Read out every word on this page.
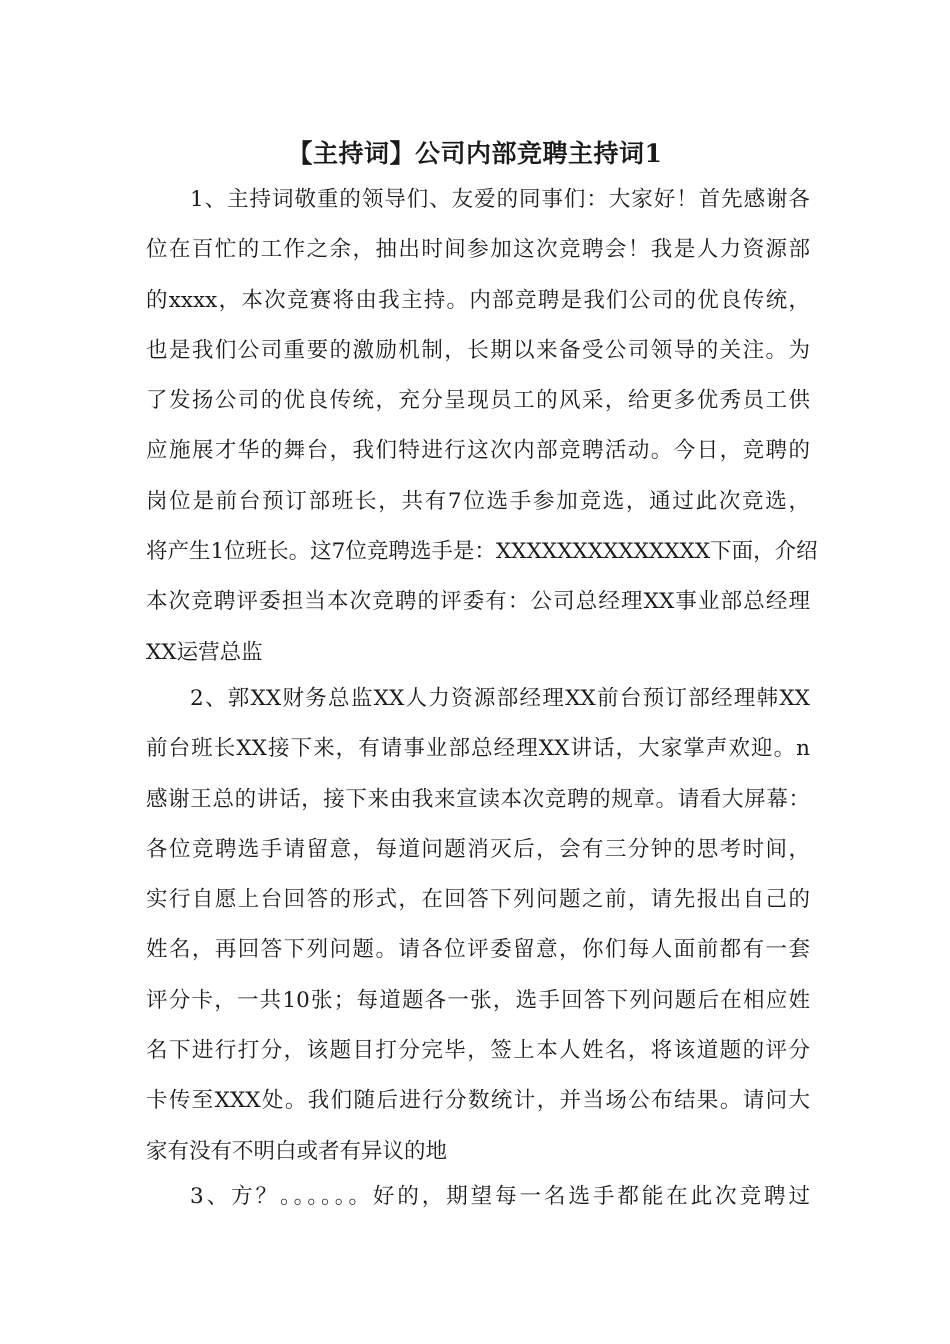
【主持词】公司内部竞聘主持词1
1、主持词敬重的领导们、友爱的同事们：大家好！首先感谢各
位在百忙的工作之余，抽出时间参加这次竞聘会！我是人力资源部
的xxxx，本次竞赛将由我主持。内部竞聘是我们公司的优良传统，
也是我们公司重要的激励机制，长期以来备受公司领导的关注。为
了发扬公司的优良传统，充分呈现员工的风采，给更多优秀员工供
应施展才华的舞台，我们特进行这次内部竞聘活动。今日，竞聘的
岗位是前台预订部班长，共有7位选手参加竞选，通过此次竞选，
将产生1位班长。这7位竞聘选手是：XXXXXXXXXXXXXX下面，介绍
本次竞聘评委担当本次竞聘的评委有：公司总经理XX事业部总经理
XX运营总监
2、郭XX财务总监XX人力资源部经理XX前台预订部经理韩XX
前台班长XX接下来，有请事业部总经理XX讲话，大家掌声欢迎。n
感谢王总的讲话，接下来由我来宣读本次竞聘的规章。请看大屏幕：
各位竞聘选手请留意，每道问题消灭后，会有三分钟的思考时间，
实行自愿上台回答的形式，在回答下列问题之前，请先报出自己的
姓名，再回答下列问题。请各位评委留意，你们每人面前都有一套
评分卡，一共10张；每道题各一张，选手回答下列问题后在相应姓
名下进行打分，该题目打分完毕，签上本人姓名，将该道题的评分
卡传至XXX处。我们随后进行分数统计，并当场公布结果。请问大
家有没有不明白或者有异议的地
3、方？。。。。。。好的，期望每一名选手都能在此次竞聘过
